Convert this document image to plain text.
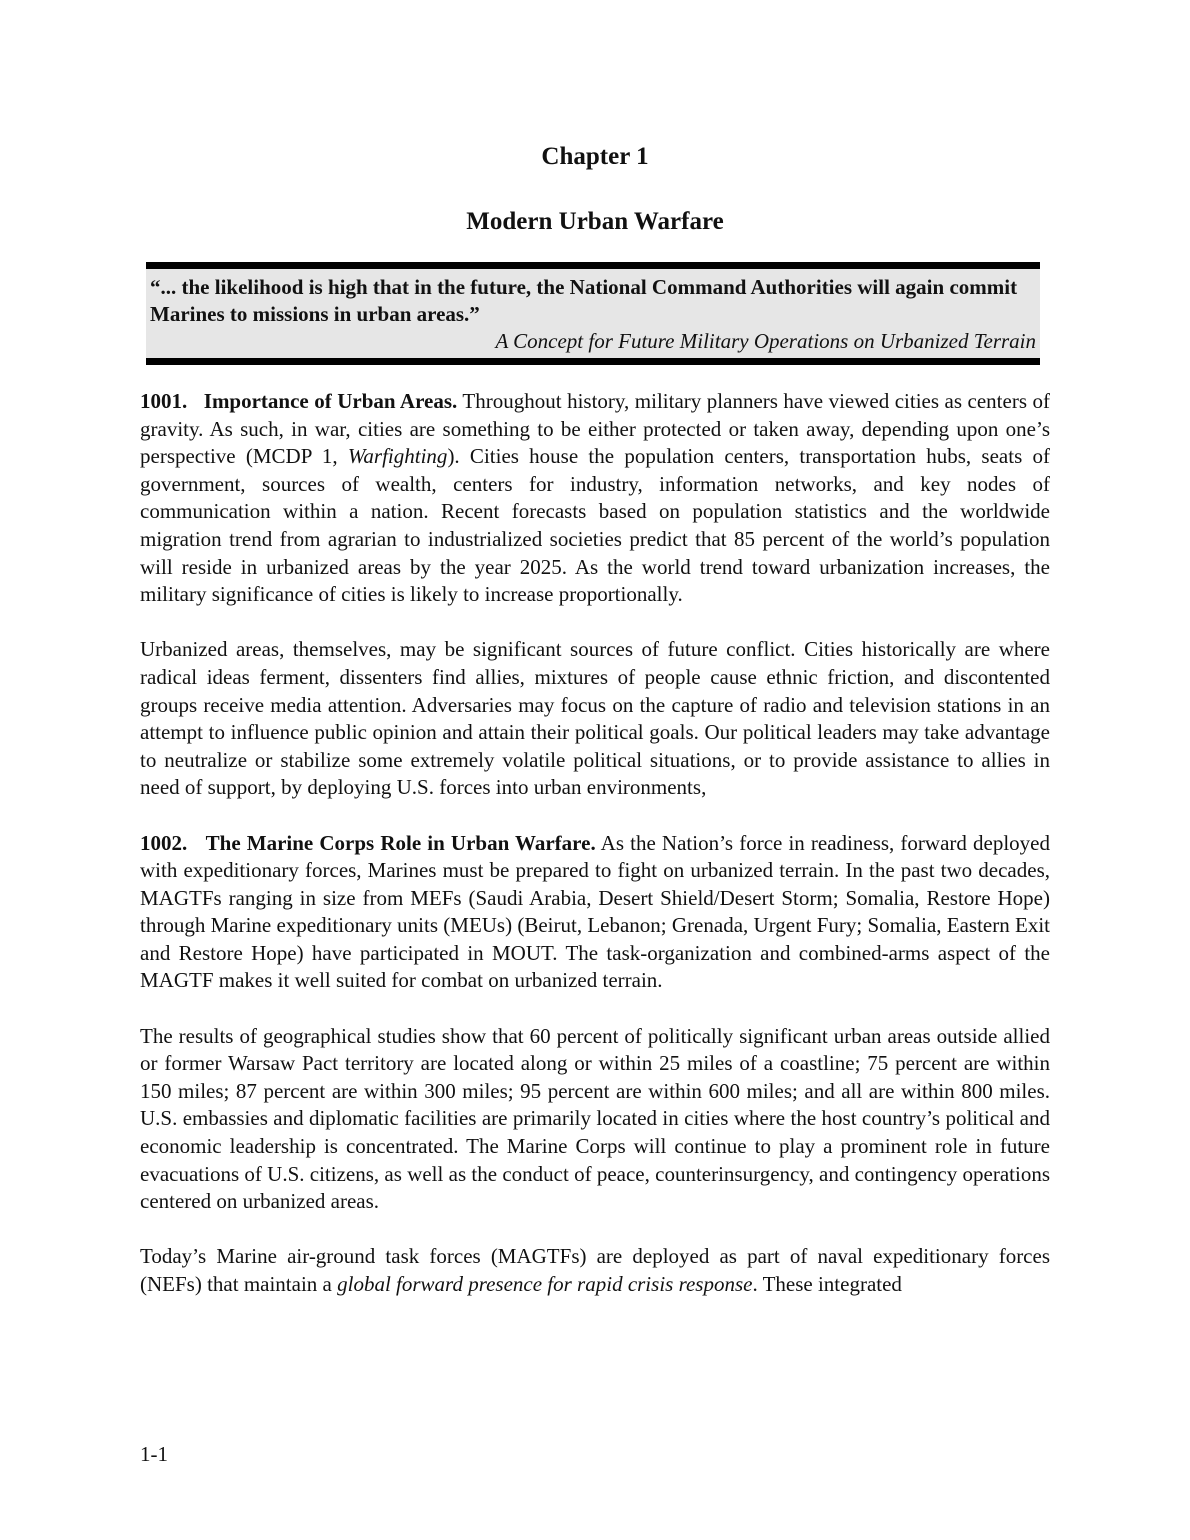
Chapter 1
Modern Urban Warfare

“... the likelihood is high that in the future, the National Command Authorities will again commit Marines to missions in urban areas.”

A Concept for Future Military Operations on Urbanized Terrain

1001. Importance of Urban Areas. Throughout history, military planners have viewed cities as centers of gravity. As such, in war, cities are something to be either protected or taken away, depending upon one’s perspective (MCDP 1, Warfighting). Cities house the population centers, transportation hubs, seats of government, sources of wealth, centers for industry, information networks, and key nodes of communication within a nation. Recent forecasts based on population statistics and the worldwide migration trend from agrarian to industrialized societies predict that 85 percent of the world’s population will reside in urbanized areas by the year 2025. As the world trend toward urbanization increases, the military significance of cities is likely to increase proportionally.

Urbanized areas, themselves, may be significant sources of future conflict. Cities historically are where radical ideas ferment, dissenters find allies, mixtures of people cause ethnic friction, and discontented groups receive media attention. Adversaries may focus on the capture of radio and television stations in an attempt to influence public opinion and attain their political goals. Our political leaders may take advantage to neutralize or stabilize some extremely volatile political situations, or to provide assistance to allies in need of support, by deploying U.S. forces into urban environments,

1002. The Marine Corps Role in Urban Warfare. As the Nation’s force in readiness, forward deployed with expeditionary forces, Marines must be prepared to fight on urbanized terrain. In the past two decades, MAGTFs ranging in size from MEFs (Saudi Arabia, Desert Shield/Desert Storm; Somalia, Restore Hope) through Marine expeditionary units (MEUs) (Beirut, Lebanon; Grenada, Urgent Fury; Somalia, Eastern Exit and Restore Hope) have participated in MOUT. The task-organization and combined-arms aspect of the MAGTF makes it well suited for combat on urbanized terrain.

The results of geographical studies show that 60 percent of politically significant urban areas outside allied or former Warsaw Pact territory are located along or within 25 miles of a coastline; 75 percent are within 150 miles; 87 percent are within 300 miles; 95 percent are within 600 miles; and all are within 800 miles. U.S. embassies and diplomatic facilities are primarily located in cities where the host country’s political and economic leadership is concentrated. The Marine Corps will continue to play a prominent role in future evacuations of U.S. citizens, as well as the conduct of peace, counterinsurgency, and contingency operations centered on urbanized areas.

Today’s Marine air-ground task forces (MAGTFs) are deployed as part of naval expeditionary forces (NEFs) that maintain a global forward presence for rapid crisis response. These integrated

1-1
